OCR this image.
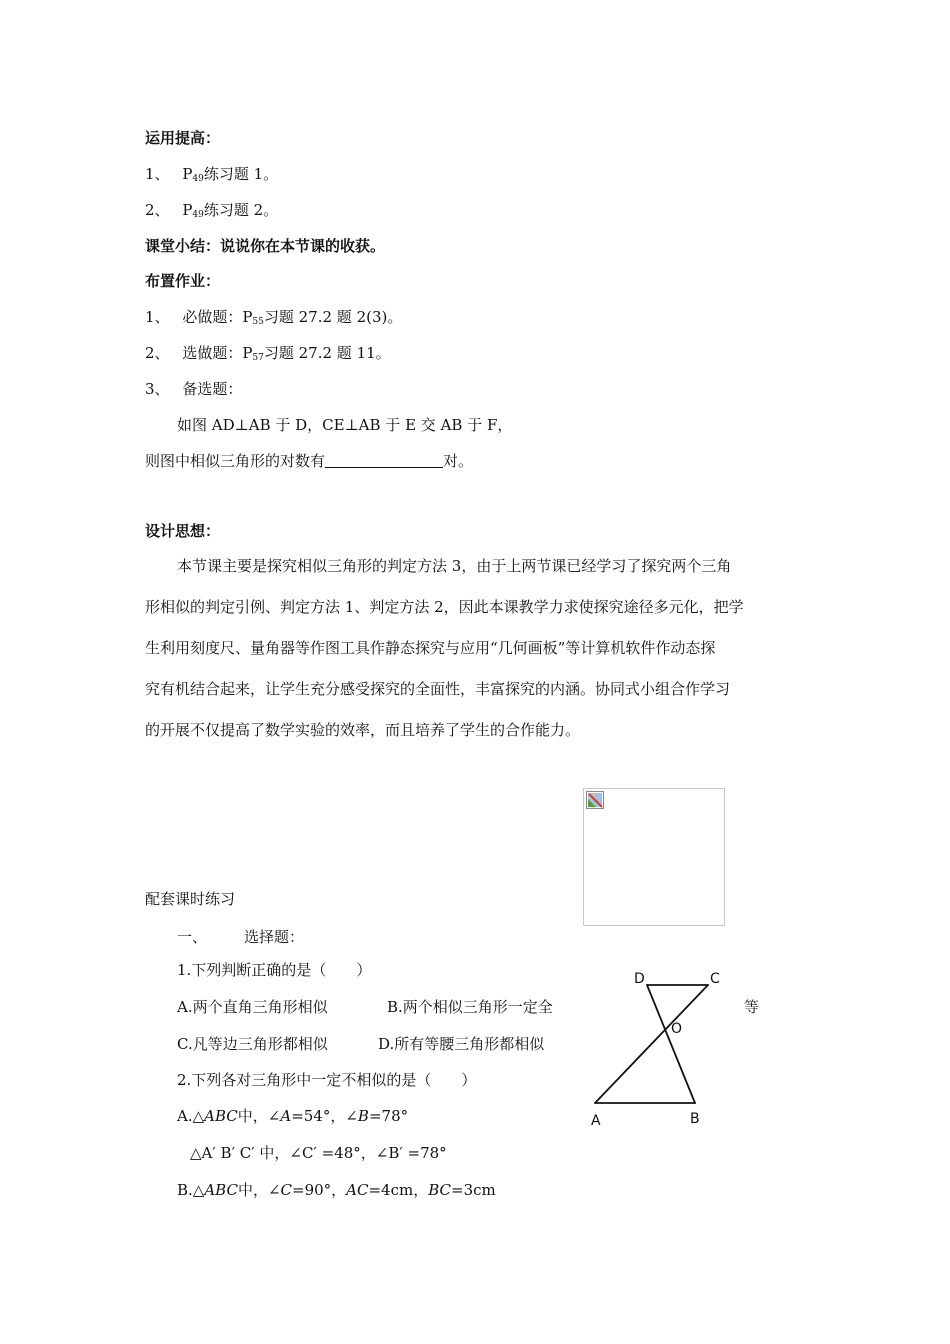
运用提高：
1、 $P_{49}$练习题 1。
2、 $P_{49}$练习题 2。
课堂小结：说说你在本节课的收获。
布置作业：
1、 必做题：$P_{55}$习题 27.2 题 2(3)。
2、 选做题：$P_{57}$习题 27.2 题 11。
3、 备选题：
如图 AD⊥AB 于 D，CE⊥AB 于 E 交 AB 于 F，
则图中相似三角形的对数有	对。
设计思想：
本节课主要是探究相似三角形的判定方法 3，由于上两节课已经学习了探究两个三角
形相似的判定引例、判定方法 1、判定方法 2，因此本课教学力求使探究途径多元化，把学
生利用刻度尺、量角器等作图工具作静态探究与应用“几何画板”等计算机软件作动态探
究有机结合起来，让学生充分感受探究的全面性，丰富探究的内涵。协同式小组合作学习
的开展不仅提高了数学实验的效率，而且培养了学生的合作能力。
配套课时练习
一、 选择题：
1.下列判断正确的是（　　）
A.两个直角三角形相似	B.两个相似三角形一定全	等
C.凡等边三角形都相似	D.所有等腰三角形都相似
2.下列各对三角形中一定不相似的是（　　）
A.△ABC中，∠A=54°，∠B=78°
△A′ B′ C′ 中，∠C′ =48°，∠B′ =78°
B.△ABC中，∠C=90°，AC=4cm，BC=3cm
D	C
O
A	B
